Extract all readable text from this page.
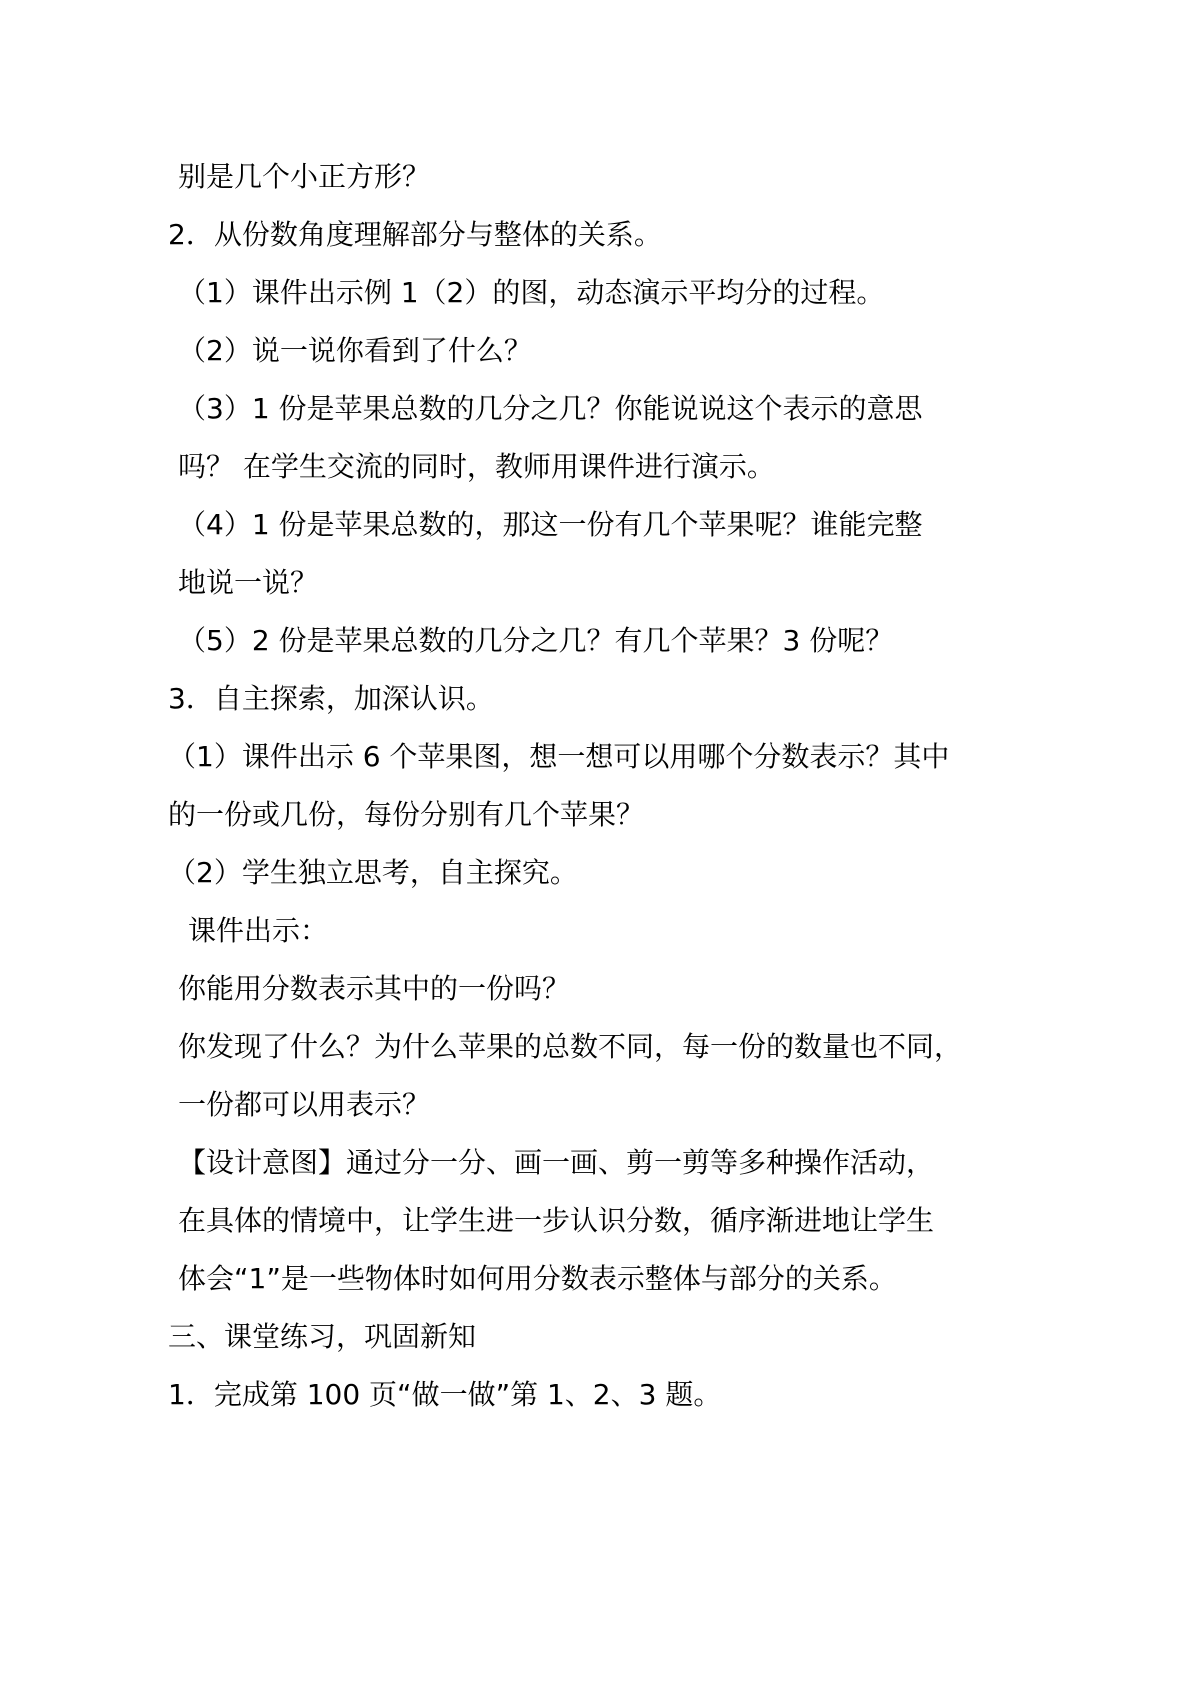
别是几个小正方形？
2．从份数角度理解部分与整体的关系。
（1）课件出示例 1（2）的图，动态演示平均分的过程。
（2）说一说你看到了什么？
（3）1 份是苹果总数的几分之几？你能说说这个表示的意思
吗？ 在学生交流的同时，教师用课件进行演示。
（4）1 份是苹果总数的，那这一份有几个苹果呢？谁能完整
地说一说？
（5）2 份是苹果总数的几分之几？有几个苹果？3 份呢？
3．自主探索，加深认识。
（1）课件出示 6 个苹果图，想一想可以用哪个分数表示？其中
的一份或几份，每份分别有几个苹果？
（2）学生独立思考，自主探究。
课件出示：
你能用分数表示其中的一份吗？
你发现了什么？为什么苹果的总数不同，每一份的数量也不同，
一份都可以用表示？
【设计意图】通过分一分、画一画、剪一剪等多种操作活动，
在具体的情境中，让学生进一步认识分数，循序渐进地让学生
体会“1”是一些物体时如何用分数表示整体与部分的关系。
三、课堂练习，巩固新知
1．完成第 100 页“做一做”第 1、2、3 题。
